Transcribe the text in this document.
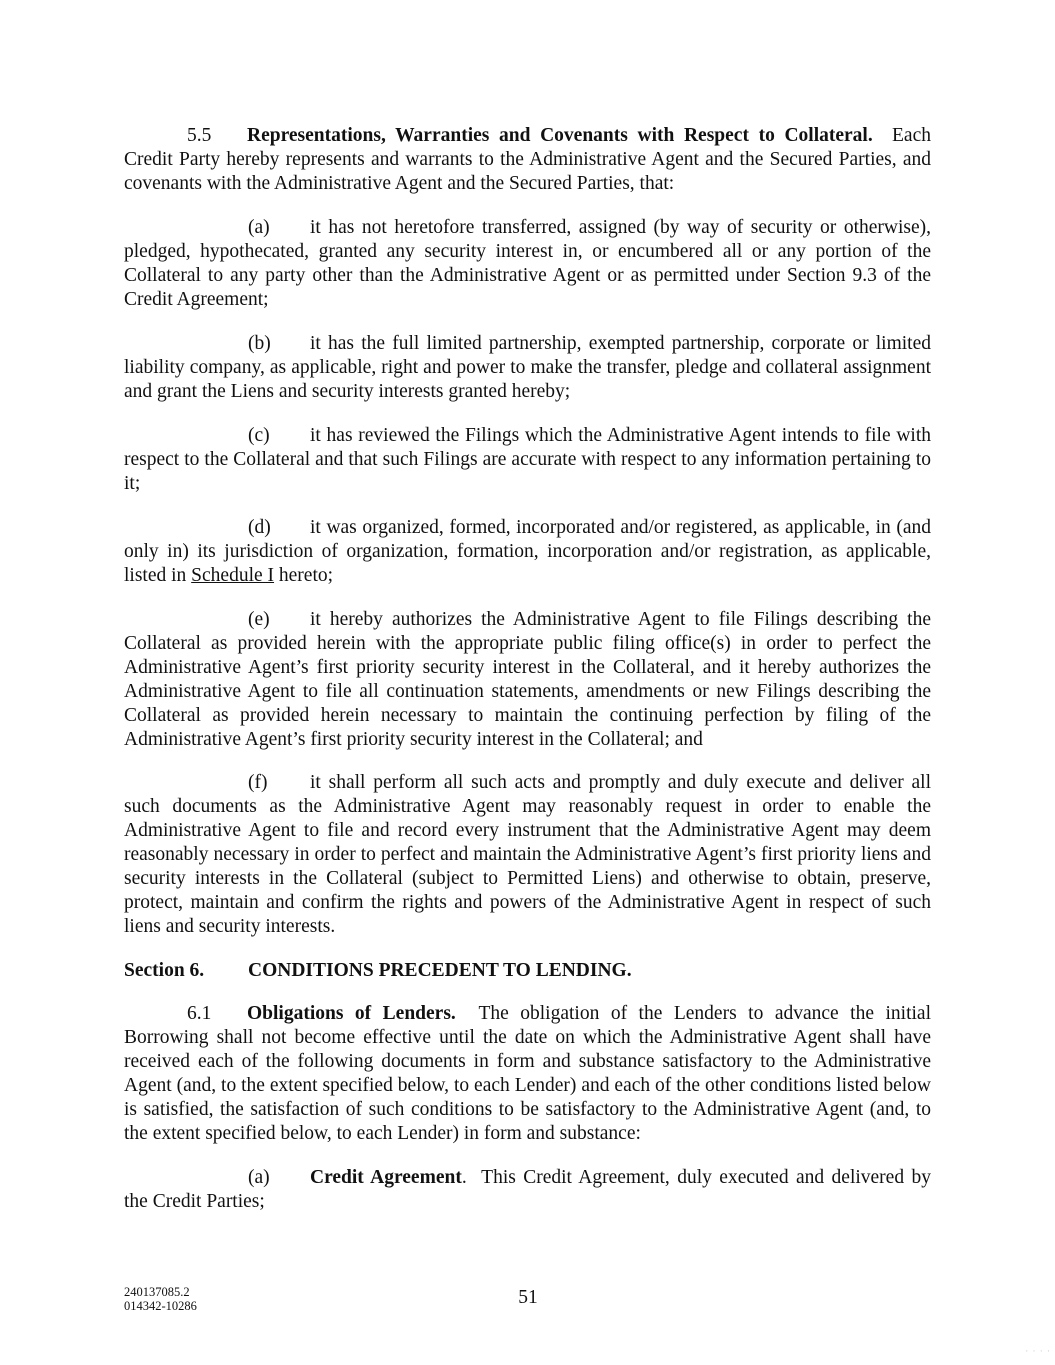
5.5 Representations, Warranties and Covenants with Respect to Collateral. Each Credit Party hereby represents and warrants to the Administrative Agent and the Secured Parties, and covenants with the Administrative Agent and the Secured Parties, that:

(a) it has not heretofore transferred, assigned (by way of security or otherwise), pledged, hypothecated, granted any security interest in, or encumbered all or any portion of the Collateral to any party other than the Administrative Agent or as permitted under Section 9.3 of the Credit Agreement;

(b) it has the full limited partnership, exempted partnership, corporate or limited liability company, as applicable, right and power to make the transfer, pledge and collateral assignment and grant the Liens and security interests granted hereby;

(c) it has reviewed the Filings which the Administrative Agent intends to file with respect to the Collateral and that such Filings are accurate with respect to any information pertaining to it;

(d) it was organized, formed, incorporated and/or registered, as applicable, in (and only in) its jurisdiction of organization, formation, incorporation and/or registration, as applicable, listed in Schedule I hereto;

(e) it hereby authorizes the Administrative Agent to file Filings describing the Collateral as provided herein with the appropriate public filing office(s) in order to perfect the Administrative Agent’s first priority security interest in the Collateral, and it hereby authorizes the Administrative Agent to file all continuation statements, amendments or new Filings describing the Collateral as provided herein necessary to maintain the continuing perfection by filing of the Administrative Agent’s first priority security interest in the Collateral; and

(f) it shall perform all such acts and promptly and duly execute and deliver all such documents as the Administrative Agent may reasonably request in order to enable the Administrative Agent to file and record every instrument that the Administrative Agent may deem reasonably necessary in order to perfect and maintain the Administrative Agent’s first priority liens and security interests in the Collateral (subject to Permitted Liens) and otherwise to obtain, preserve, protect, maintain and confirm the rights and powers of the Administrative Agent in respect of such liens and security interests.

Section 6. CONDITIONS PRECEDENT TO LENDING.

6.1 Obligations of Lenders. The obligation of the Lenders to advance the initial Borrowing shall not become effective until the date on which the Administrative Agent shall have received each of the following documents in form and substance satisfactory to the Administrative Agent (and, to the extent specified below, to each Lender) and each of the other conditions listed below is satisfied, the satisfaction of such conditions to be satisfactory to the Administrative Agent (and, to the extent specified below, to each Lender) in form and substance:

(a) Credit Agreement.  This Credit Agreement, duly executed and delivered by the Credit Parties;

240137085.2
014342-10286	51
· · · ·
